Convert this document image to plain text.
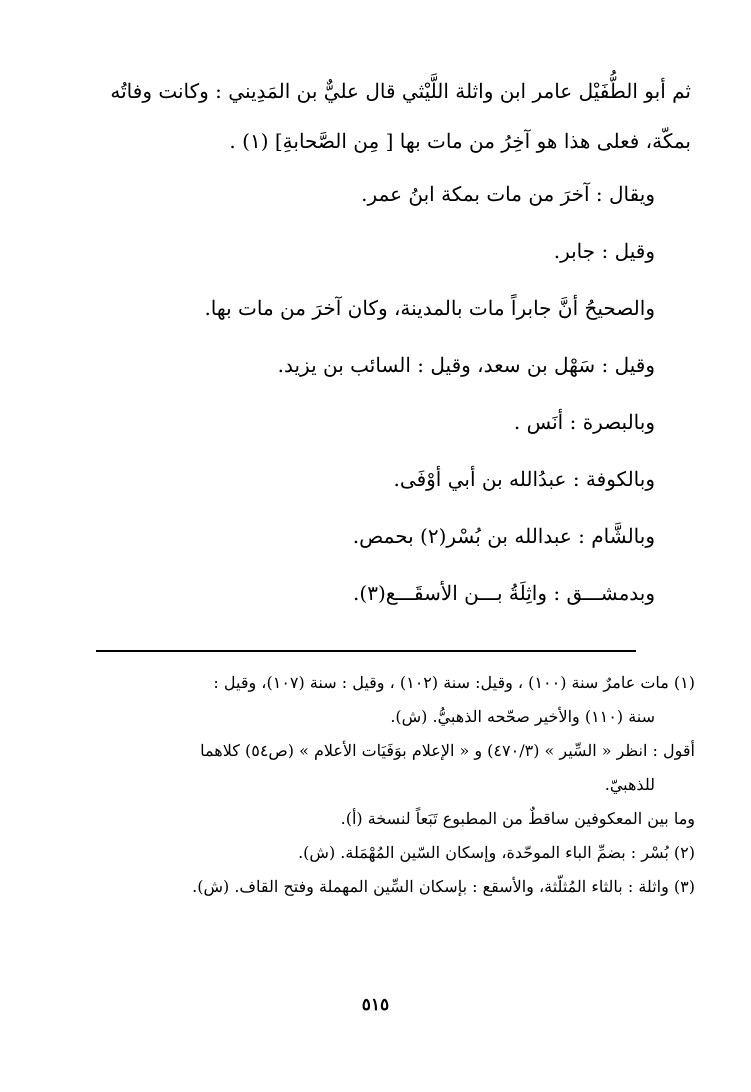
ثم أبو الطُّفَيْل عامر ابن واثلة اللَّيْثي قال عليٌّ بن المَدِيني : وكانت وفاتُه

بمكّة، فعلى هذا هو آخِرُ من مات بها [ مِن الصَّحابةِ] (١) .

ويقال : آخرَ من مات بمكة ابنُ عمر.

وقيل : جابر.

والصحيحُ أنَّ جابراً مات بالمدينة، وكان آخرَ من مات بها.

وقيل : سَهْل بن سعد، وقيل : السائب بن يزيد.

وبالبصرة : أنَس .

وبالكوفة : عبدُالله بن أبي أوْفَى.

وبالشَّام : عبدالله بن بُسْر(٢) بحمص.

وبدمشـــق : واثِلَةُ بـــن الأسقَـــع(٣).

(١) مات عامرٌ سنة (١٠٠) ، وقيل: سنة (١٠٢) ، وقيل : سنة (١٠٧)، وقيل :

سنة (١١٠) والأخير صحّحه الذهبيُّ. (ش).

أقول : انظر « السِّير » (٤٧٠/٣) و « الإعلام بوَفَيَات الأعلام » (ص٥٤) كلاهما

للذهبيّ.

وما بين المعكوفين ساقطٌ من المطبوع تَبَعاً لنسخة (أ).

(٢) بُسْر : بضمِّ الباء الموحّدة، وإسكان السّين المُهْمَلة. (ش).

(٣) واثلة : بالثاء المُثلّثة، والأسقع : بإسكان السِّين المهملة وفتح القاف. (ش).

٥١٥
